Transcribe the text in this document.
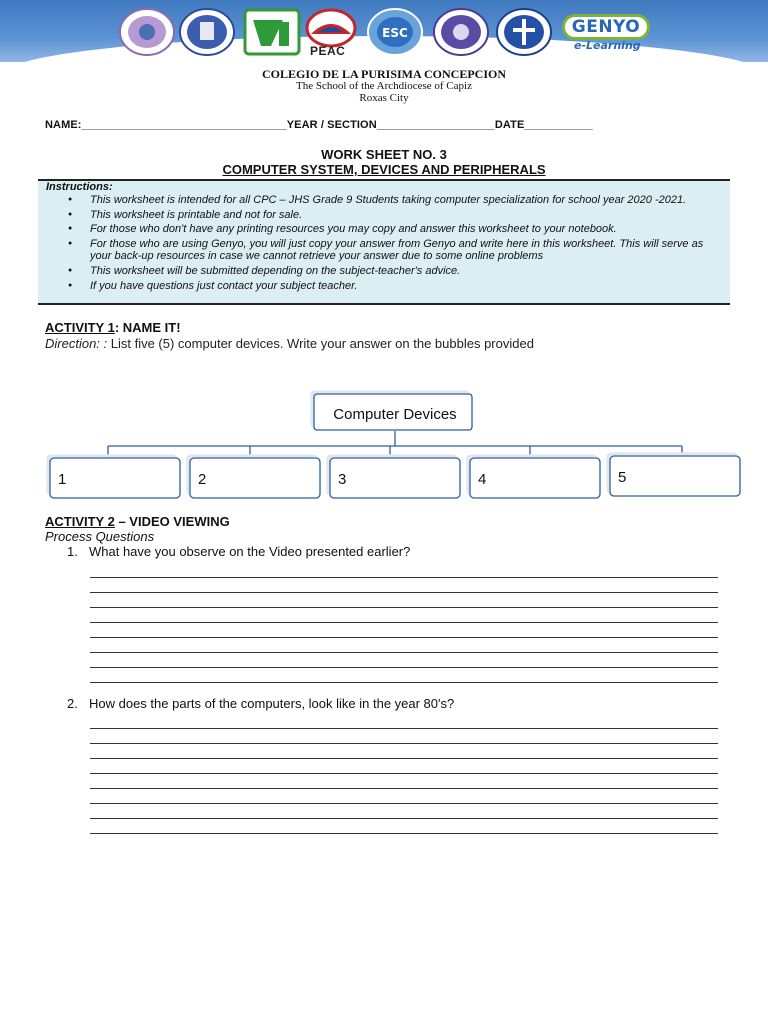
PEAC
ESC	GENYO
e-Learning
COLEGIO DE LA PURISIMA CONCEPCION
The School of the Archdiocese of Capiz
Roxas City
NAME:_________________________________YEAR / SECTION___________________DATE___________
WORK SHEET NO. 3
COMPUTER SYSTEM, DEVICES AND PERIPHERALS
Instructions:
● This worksheet is intended for all CPC – JHS Grade 9 Students taking computer specialization for school year 2020 -2021.
● This worksheet is printable and not for sale.
● For those who don't have any printing resources you may copy and answer this worksheet to your notebook.
● For those who are using Genyo, you will just copy your answer from Genyo and write here in this worksheet. This will serve as your back-up resources in case we cannot retrieve your answer due to some online problems
● This worksheet will be submitted depending on the subject-teacher's advice.
● If you have questions just contact your subject teacher.
ACTIVITY 1: NAME IT!
Direction: : List five (5) computer devices. Write your answer on the bubbles provided
Computer Devices
1	2	3	4	5
ACTIVITY 2 – VIDEO VIEWING
Process Questions
1. What have you observe on the Video presented earlier?
2. How does the parts of the computers, look like in the year 80's?
